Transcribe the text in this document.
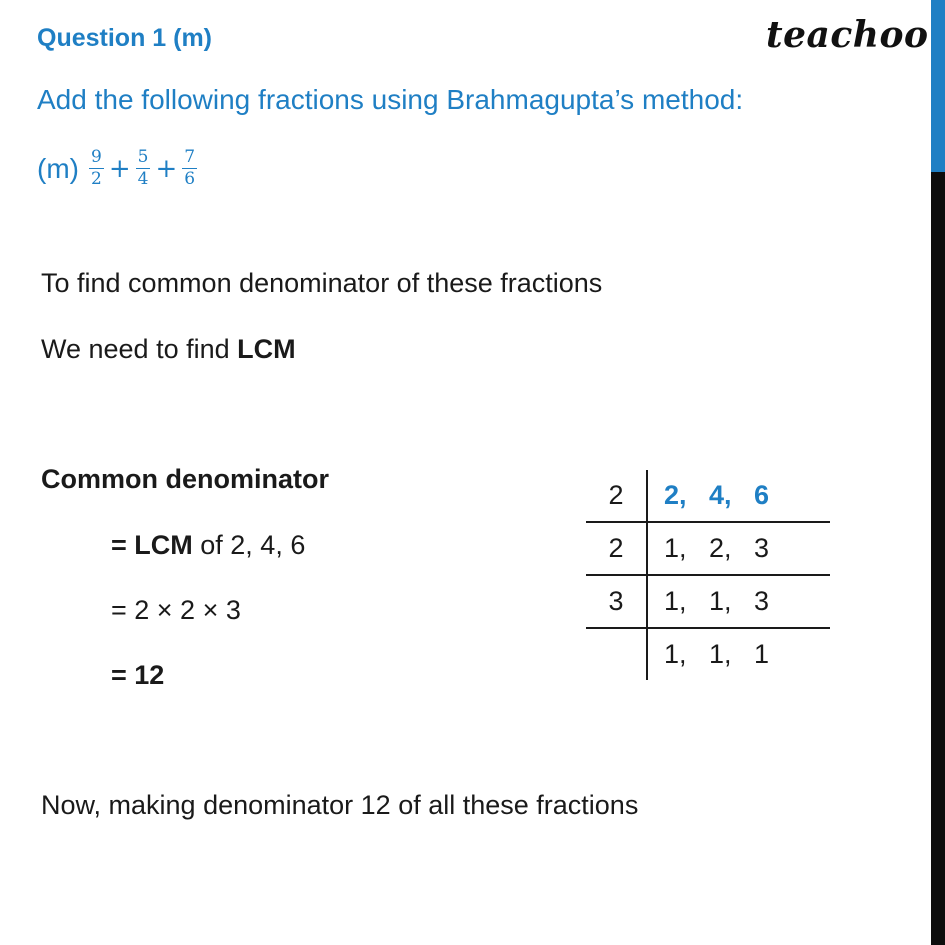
Question 1 (m)	teachoo
Add the following fractions using Brahmagupta’s method:
$(m) \frac{9}{2} + \frac{5}{4} + \frac{7}{6}$
To find common denominator of these fractions
We need to find LCM
Common denominator
= LCM of 2, 4, 6
= 2 × 2 × 3
= 12
Now, making denominator 12 of all these fractions
2	2, 4, 6
2	1, 2, 3
3	1, 1, 3
	1, 1, 1
